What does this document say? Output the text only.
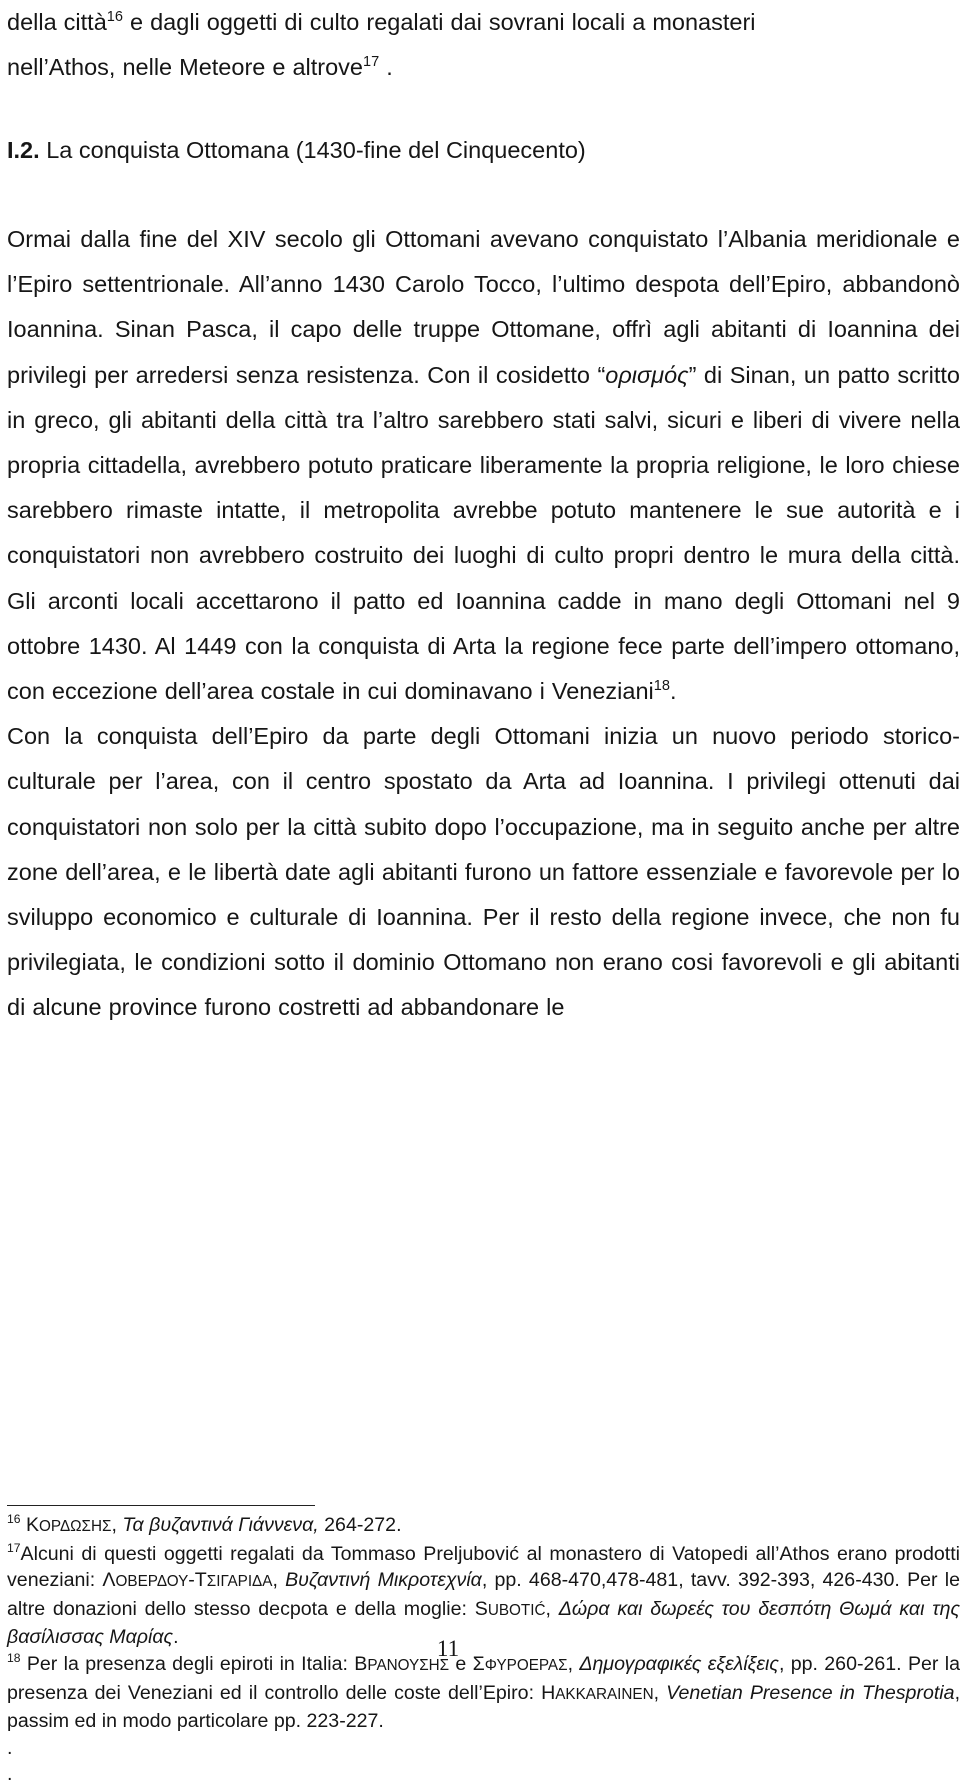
della città$^{16}$ e dagli oggetti di culto regalati dai sovrani locali a monasteri

nell’Athos, nelle Meteore e altrove$^{17}$ .

I.2. La conquista Ottomana (1430-fine del Cinquecento)

Ormai dalla fine del XIV secolo gli Ottomani avevano conquistato l’Albania meridionale e l’Epiro settentrionale. All’anno 1430 Carolo Tocco, l’ultimo despota dell’Epiro, abbandonò Ioannina. Sinan Pasca, il capo delle truppe Ottomane, offrì agli abitanti di Ioannina dei privilegi per arredersi senza resistenza. Con il cosidetto “ορισμός” di Sinan, un patto scritto in greco, gli abitanti della città tra l’altro sarebbero stati salvi, sicuri e liberi di vivere nella propria cittadella, avrebbero potuto praticare liberamente la propria religione, le loro chiese sarebbero rimaste intatte, il metropolita avrebbe potuto mantenere le sue autorità e i conquistatori non avrebbero costruito dei luoghi di culto propri dentro le mura della città. Gli arconti locali accettarono il patto ed Ioannina cadde in mano degli Ottomani nel 9 ottobre 1430. Al 1449 con la conquista di Arta la regione fece parte dell’impero ottomano, con eccezione dell’area costale in cui dominavano i Veneziani$^{18}$.

Con la conquista dell’Epiro da parte degli Ottomani inizia un nuovo periodo storico- culturale per l’area, con il centro spostato da Arta ad Ioannina. I privilegi ottenuti dai conquistatori non solo per la città subito dopo l’occupazione, ma in seguito anche per altre zone dell’area, e le libertà date agli abitanti furono un fattore essenziale e favorevole per lo sviluppo economico e culturale di Ioannina. Per il resto della regione invece, che non fu privilegiata, le condizioni sotto il dominio Ottomano non erano cosi favorevoli e gli abitanti di alcune province furono costretti ad abbandonare le

$^{16}$ ΚΟΡΔΩΣΗΣ, Τα βυζαντινά Γιάννενα, 264-272.

$^{17}$Alcuni di questi oggetti regalati da Tommaso Preljubović al monastero di Vatopedi all’Athos erano prodotti veneziani: ΛΟΒΕΡΔΟΥ-ΤΣΙΓΑΡΙΔΑ, Βυζαντινή Μικροτεχνία, pp. 468-470,478-481, tavv. 392-393, 426-430. Per le altre donazioni dello stesso decpota e della moglie: SUBOTIĆ, Δώρα και δωρεές του δεσπότη Θωμά και της βασίλισσας Μαρίας.

$^{18}$ Per la presenza degli epiroti in Italia: ΒΡΑΝΟΥΣΗΣ e ΣΦΥΡΟΕΡΑΣ, Δημογραφικές εξελίξεις, pp. 260-261. Per la presenza dei Veneziani ed il controllo delle coste dell’Epiro: HAKKARAINEN, Venetian Presence in Thesprotia, passim ed in modo particolare pp. 223-227.

.

.

11
